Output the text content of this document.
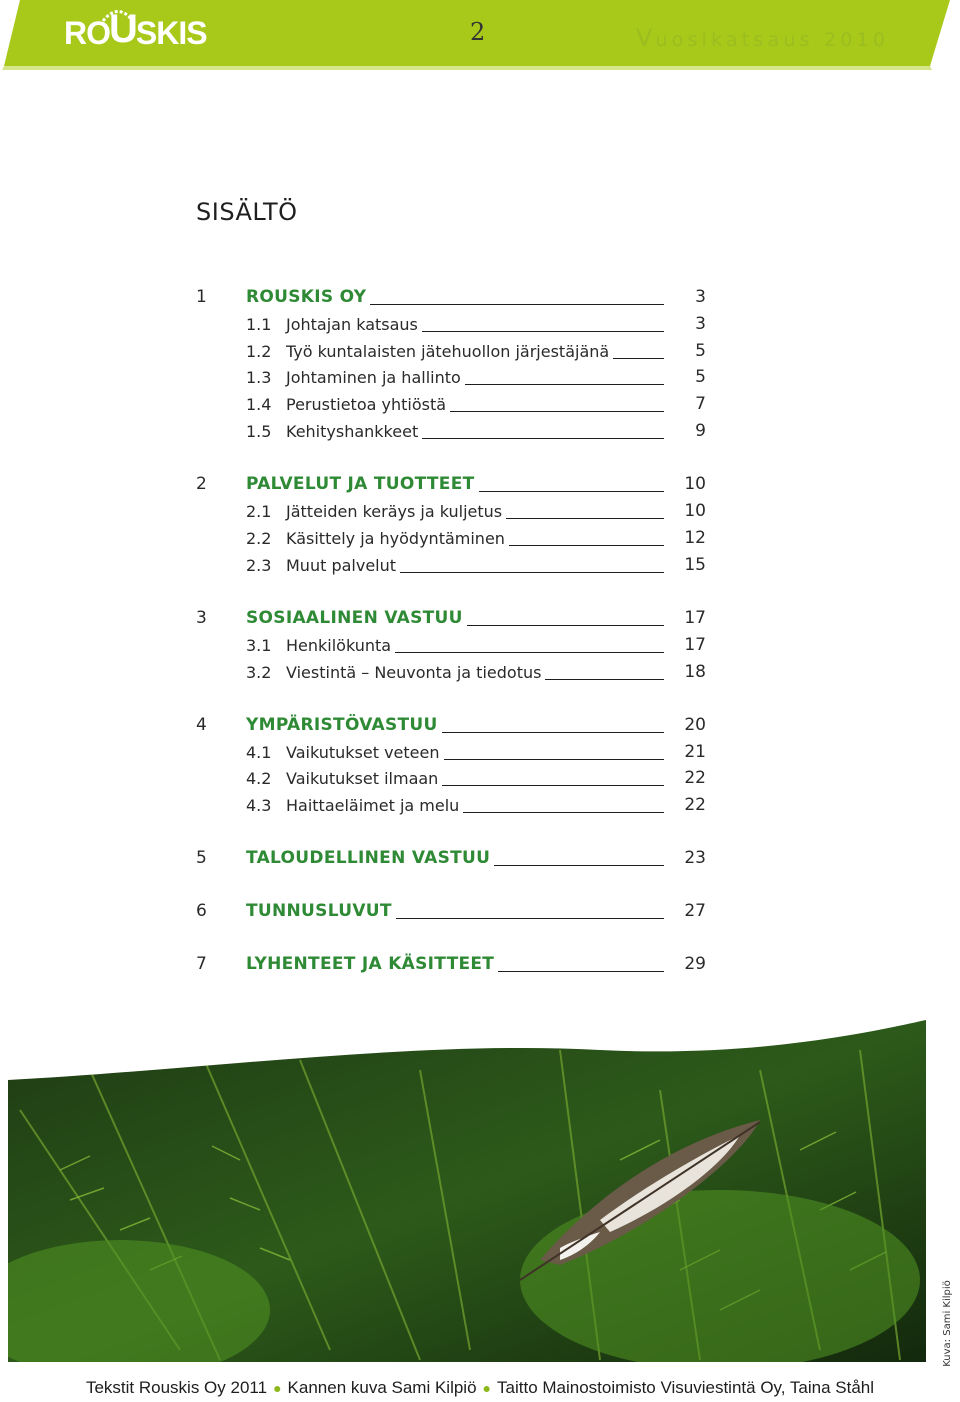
RO U SKIS	2	Vuosikatsaus 2010
SISÄLTÖ
1	ROUSKIS OY	3
1.1 Johtajan katsaus	3
1.2 Työ kuntalaisten jätehuollon järjestäjänä	5
1.3 Johtaminen ja hallinto	5
1.4 Perustietoa yhtiöstä	7
1.5 Kehityshankkeet	9
2	PALVELUT JA TUOTTEET	10
2.1 Jätteiden keräys ja kuljetus	10
2.2 Käsittely ja hyödyntäminen	12
2.3 Muut palvelut	15
3	SOSIAALINEN VASTUU	17
3.1 Henkilökunta	17
3.2 Viestintä – Neuvonta ja tiedotus	18
4	YMPÄRISTÖVASTUU	20
4.1 Vaikutukset veteen	21
4.2 Vaikutukset ilmaan	22
4.3 Haittaeläimet ja melu	22
5	TALOUDELLINEN VASTUU	23
6	TUNNUSLUVUT	27
7	LYHENTEET JA KÄSITTEET	29
Kuva: Sami Kilpiö
Tekstit Rouskis Oy 2011 ● Kannen kuva Sami Kilpiö ● Taitto Mainostoimisto Visuviestintä Oy, Taina Ståhl
